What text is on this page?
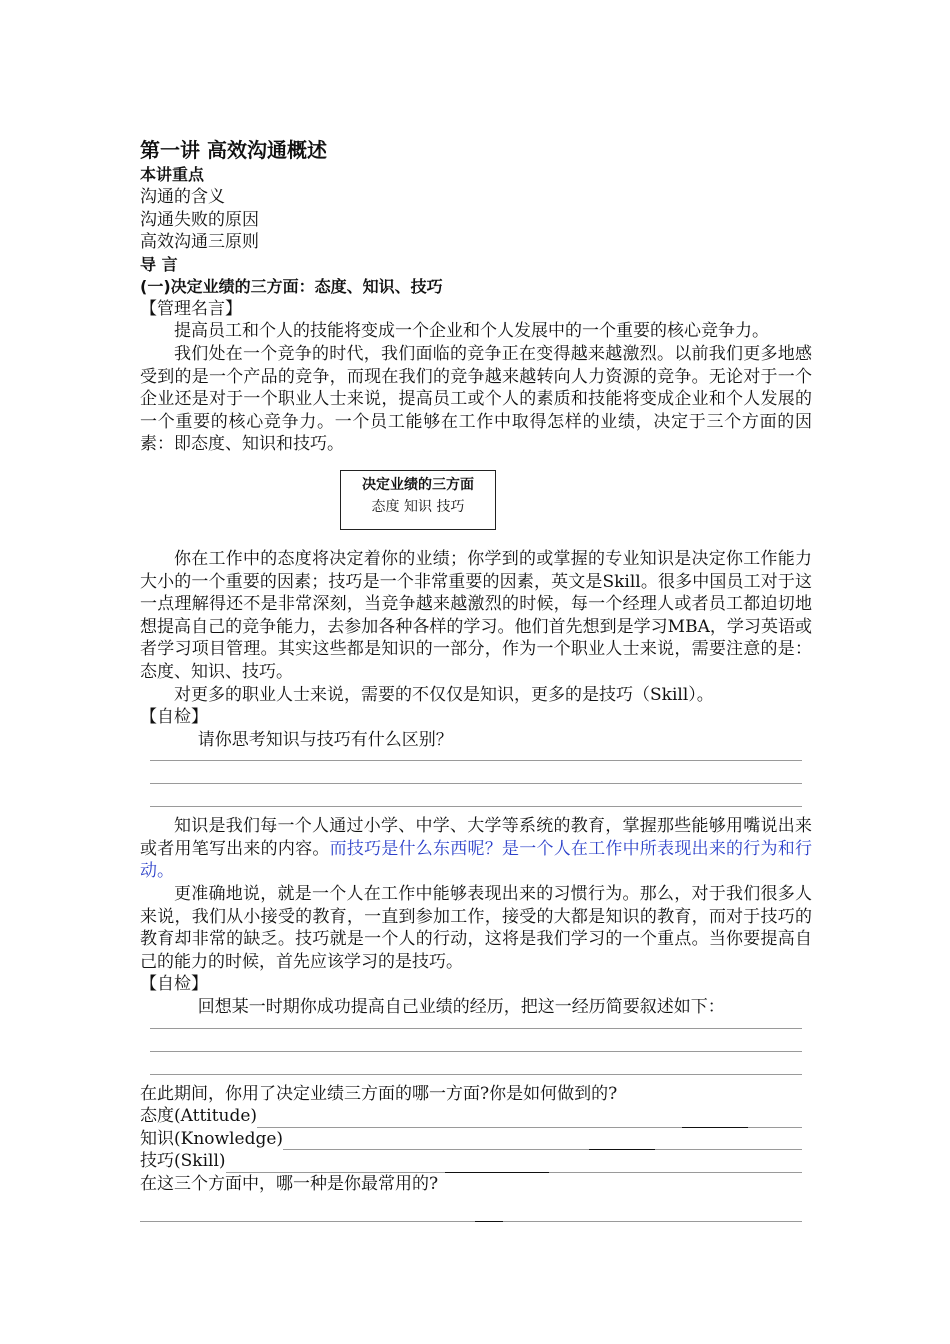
第一讲 高效沟通概述

本讲重点

沟通的含义

沟通失败的原因

高效沟通三原则

导 言

(一)决定业绩的三方面：态度、知识、技巧

【管理名言】

提高员工和个人的技能将变成一个企业和个人发展中的一个重要的核心竞争力。

我们处在一个竞争的时代，我们面临的竞争正在变得越来越激烈。以前我们更多地感受到的是一个产品的竞争，而现在我们的竞争越来越转向人力资源的竞争。无论对于一个企业还是对于一个职业人士来说，提高员工或个人的素质和技能将变成企业和个人发展的一个重要的核心竞争力。一个员工能够在工作中取得怎样的业绩，决定于三个方面的因素：即态度、知识和技巧。

决定业绩的三方面
态度 知识 技巧

你在工作中的态度将决定着你的业绩；你学到的或掌握的专业知识是决定你工作能力大小的一个重要的因素；技巧是一个非常重要的因素，英文是Skill。很多中国员工对于这一点理解得还不是非常深刻，当竞争越来越激烈的时候，每一个经理人或者员工都迫切地想提高自己的竞争能力，去参加各种各样的学习。他们首先想到是学习MBA，学习英语或者学习项目管理。其实这些都是知识的一部分，作为一个职业人士来说，需要注意的是：态度、知识、技巧。

对更多的职业人士来说，需要的不仅仅是知识，更多的是技巧（Skill）。

【自检】

请你思考知识与技巧有什么区别？

知识是我们每一个人通过小学、中学、大学等系统的教育，掌握那些能够用嘴说出来或者用笔写出来的内容。而技巧是什么东西呢？是一个人在工作中所表现出来的行为和行动。

更准确地说，就是一个人在工作中能够表现出来的习惯行为。那么，对于我们很多人来说，我们从小接受的教育，一直到参加工作，接受的大都是知识的教育，而对于技巧的教育却非常的缺乏。技巧就是一个人的行动，这将是我们学习的一个重点。当你要提高自己的能力的时候，首先应该学习的是技巧。

【自检】

回想某一时期你成功提高自己业绩的经历，把这一经历简要叙述如下：

在此期间，你用了决定业绩三方面的哪一方面?你是如何做到的?

态度(Attitude)
知识(Knowledge)
技巧(Skill)

在这三个方面中，哪一种是你最常用的?
